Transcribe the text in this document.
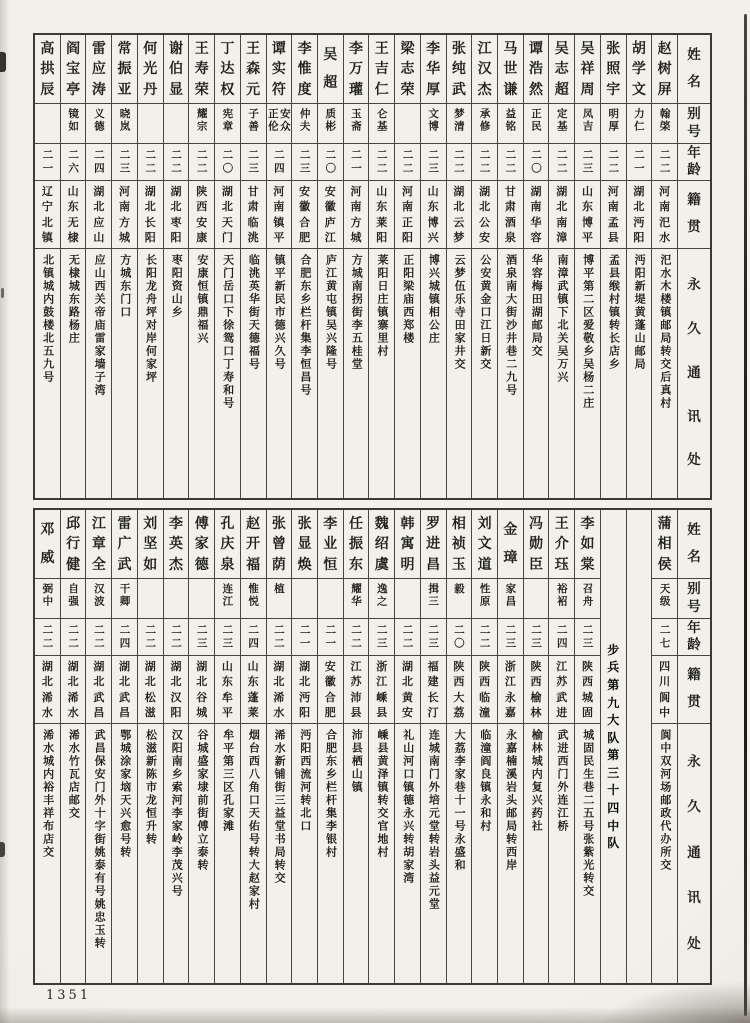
姓
名
别
号
年
龄
籍
贯
永
久
通
讯
处
赵
树
屏
翰棨
二二
河
南
汜
水
汜水木楼镇邮局转交后真村
胡
学
文
力仁
二一
湖
北
沔
阳
沔阳新堤黄蓬山邮局
张
照
宇
明厚
二二
河
南
孟
县
孟县缑村镇转长店乡
吴
祥
周
凤吉
二三
山
东
博
平
博平第二区爱敬乡吴杨二庄
吴
志
超
定基
二二
湖
北
南
漳
南漳武镇下北关吴万兴
谭
浩
然
正民
二〇
湖
南
华
容
华容梅田湖邮局交
马
世
谦
益铭
二二
甘
肃
酒
泉
酒泉南大街沙井巷二九号
江
汉
杰
承修
二二
湖
北
公
安
公安黄金口江日新交
张
纯
武
梦清
二二
湖
北
云
梦
云梦伍乐寺田家井交
李
华
厚
文博
二三
山
东
博
兴
博兴城镇相公庄
梁
志
荣
二二
河
南
正
阳
正阳梁庙西郑楼
王
吉
仁
仑基
二二
山
东
莱
阳
莱阳日庄镇寨里村
李
万
瓘
玉斋
二一
河
南
方
城
方城南拐街李五桂堂
吴
超
质彬
二〇
安
徽
庐
江
庐江黄屯镇吴兴隆号
李
惟
度
仲夫
二三
安
徽
合
肥
合肥东乡栏杆集李恒昌号
谭
实
符
安众正伦
二四
河
南
镇
平
镇平新民市德兴久号
王
森
元
子善
二三
甘
肃
临
洮
临洮英华街天德福号
丁
达
权
宪章
二〇
湖
北
天
门
天门岳口下徐鸳口丁寿和号
王
寿
荣
耀宗
二二
陕
西
安
康
安康恒镇鼎福兴
谢
伯
显
二二
湖
北
枣
阳
枣阳资山乡
何
光
丹
二二
湖
北
长
阳
长阳龙舟坪对岸何家坪
常
振
亚
晓岚
二三
河
南
方
城
方城东门口
雷
应
涛
义德
二四
湖
北
应
山
应山西关帝庙雷家墙子湾
阎
宝
亭
镜如
二六
山
东
无
棣
无棣城东路杨庄
高
拱
辰
二一
辽
宁
北
镇
北镇城内鼓楼北五九号
姓
名
别
号
年
龄
籍
贯
永
久
通
讯
处
蒲
相
侯
天级
二七
四
川
阆
中
阆中双河场邮政代办所交
步
兵
第
九
大
队
第
三
十
四
中
队
李
如
棠
召舟
二三
陕
西
城
固
城固民生巷二五号张紫光转交
王
介
珏
裕袑
二四
江
苏
武
进
武进西门外连江桥
冯
勋
臣
二三
陕
西
榆
林
榆林城内复兴药社
金
璋
家昌
二三
浙
江
永
嘉
永嘉楠溪岩头邮局转西岸
刘
文
道
性原
二二
陕
西
临
潼
临潼阎良镇永和村
相
祯
玉
毅
二〇
陕
西
大
荔
大荔李家巷十一号永盛和
罗
进
昌
揖三
二三
福
建
长
汀
连城南门外培元堂转岩头益元堂
韩
寓
明
二二
湖
北
黄
安
礼山河口镇德永兴转胡家湾
魏
绍
虞
逸之
二三
浙
江
嵊
县
嵊县黄泽镇转交官地村
任
振
东
耀华
二二
江
苏
沛
县
沛县栖山镇
李
业
恒
二一
安
徽
合
肥
合肥东乡栏杆集李银村
张
显
焕
二一
湖
北
沔
阳
沔阳西流河转北口
张
曾
荫
植
二二
湖
北
浠
水
浠水新铺街三益堂书局转交
赵
开
福
惟悦
二四
山
东
蓬
莱
烟台西八角口天佑号转大赵家村
孔
庆
泉
连江
二三
山
东
牟
平
牟平第三区孔家滩
傅
家
德
二三
湖
北
谷
城
谷城盛家埭前街傅立泰转
李
英
杰
二二
湖
北
汉
阳
汉阳南乡索河李家岭李茂兴号
刘
坚
如
二二
湖
北
松
滋
松滋新陈市龙恒升转
雷
广
武
干卿
二四
湖
北
武
昌
鄂城涂家垴天兴愈号转
江
章
全
汉波
二二
湖
北
武
昌
武昌保安门外十字街姚泰有号姚忠玉转
邱
行
健
自强
二二
湖
北
浠
水
浠水竹瓦店邮交
邓
威
弼中
二二
湖
北
浠
水
浠水城内裕丰祥布店交
1351
